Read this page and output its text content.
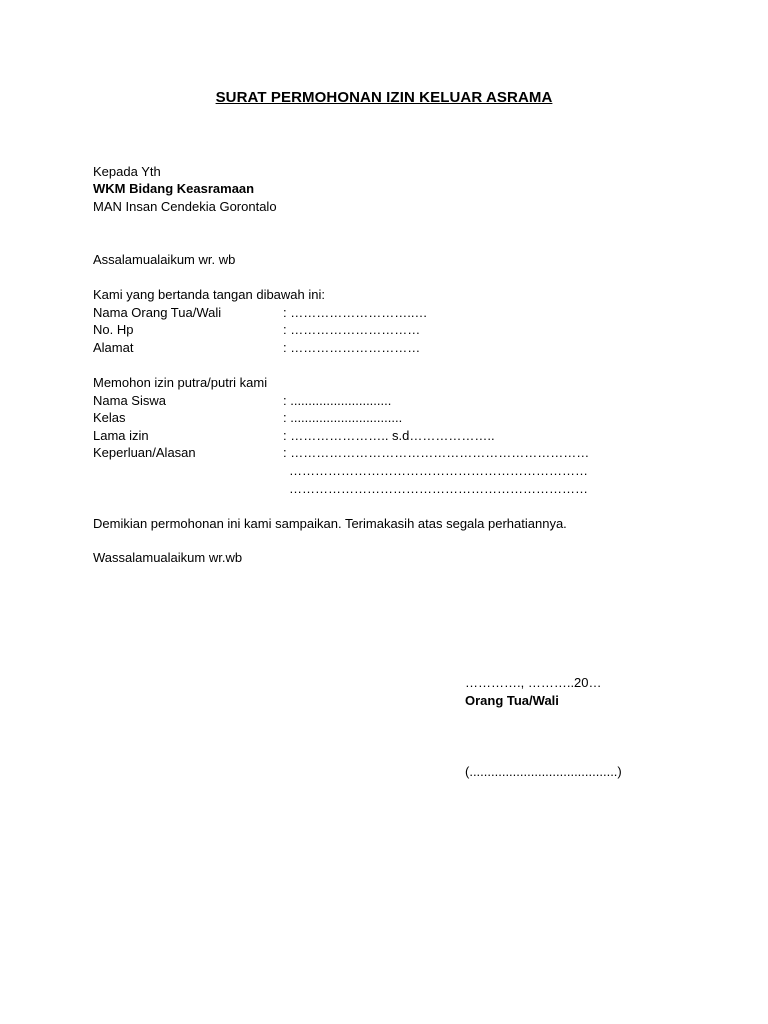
SURAT PERMOHONAN IZIN KELUAR ASRAMA
Kepada Yth
WKM Bidang Keasramaan
MAN Insan Cendekia Gorontalo
Assalamualaikum wr. wb
Kami yang bertanda tangan dibawah ini:
Nama Orang Tua/Wali	: ………………………..…
No. Hp	: …………………………
Alamat	: …………………………
Memohon izin putra/putri kami
Nama Siswa	: ............................
Kelas	: ...............................
Lama izin	: ………………….. s.d………………..
Keperluan/Alasan	: ……………………………………………………………
……………………………………………………………
……………………………………………………………
Demikian permohonan ini kami sampaikan. Terimakasih atas segala perhatiannya.
Wassalamualaikum wr.wb
…………., ………..20…
Orang Tua/Wali
(.........................................)
